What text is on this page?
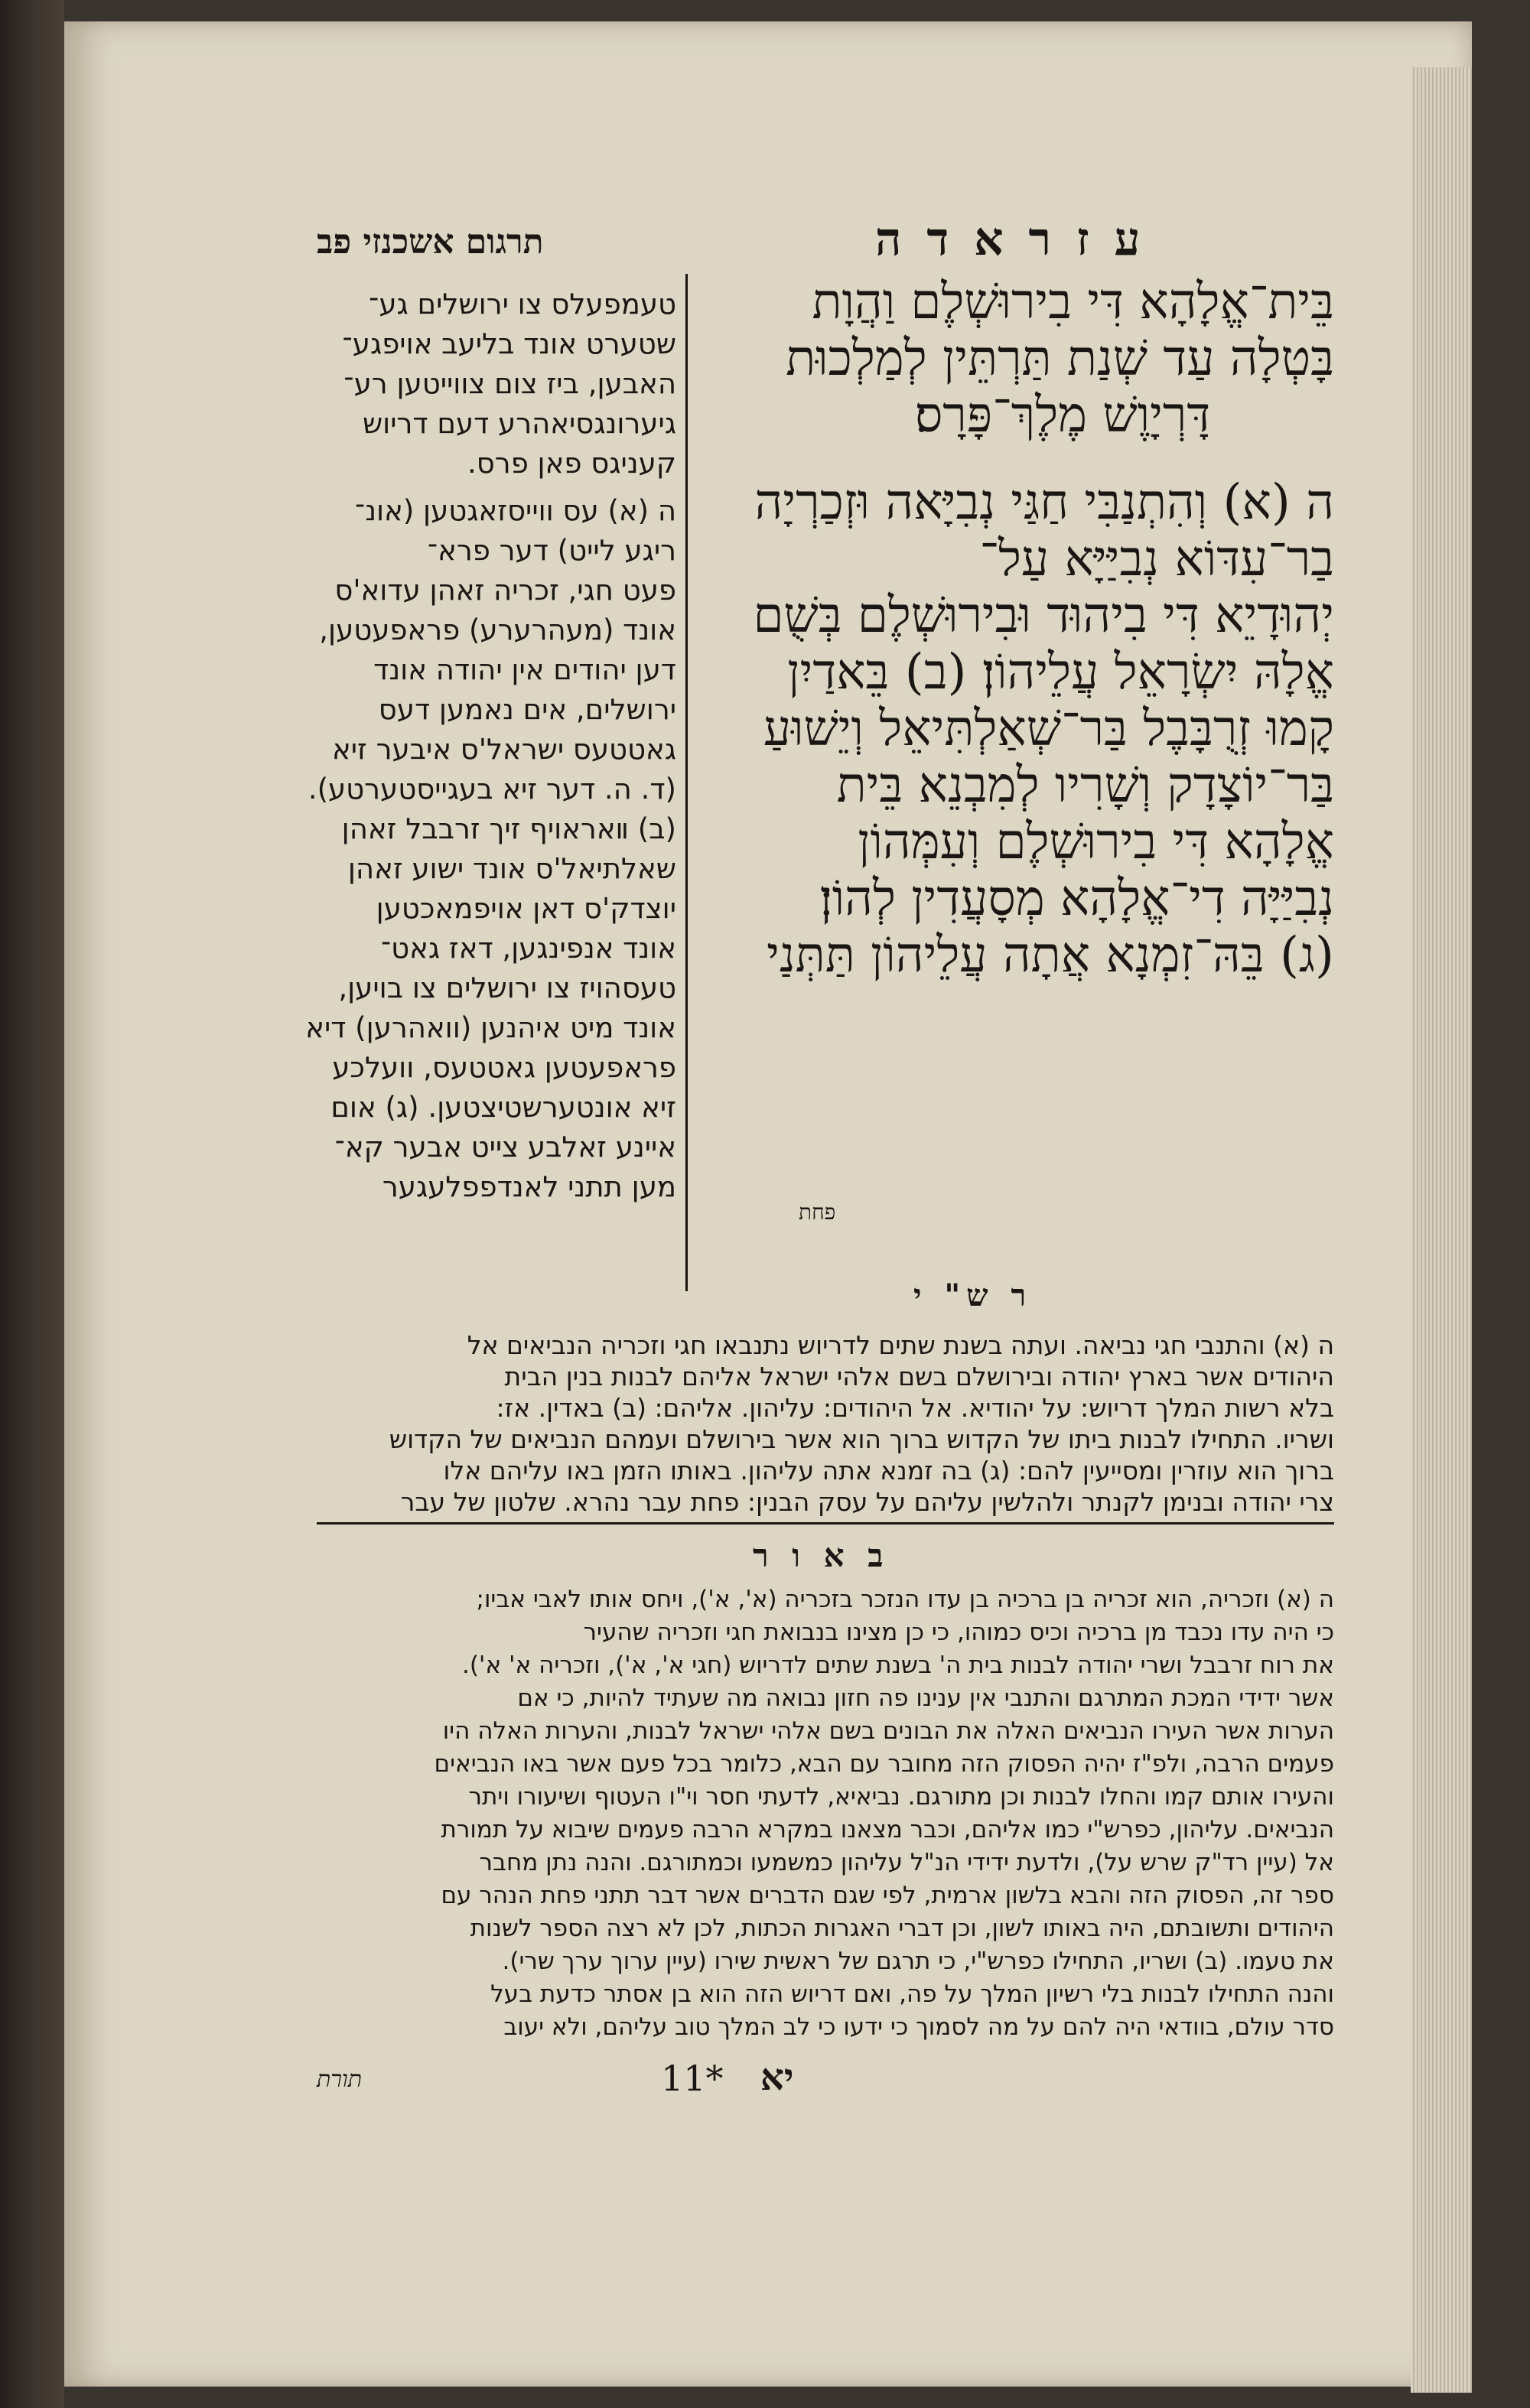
תרגום אשכנזי פב	ע ז ר א ד ה
בֵּית־אֱלָהָא דִּי בִירוּשְׁלֶם וַהֲוָת
בָּטְלָה עַד שְׁנַת תַּרְתֵּין לְמַלְכוּת
דָּרְיָוֶשׁ מֶלֶךְ־פָּרָס׃
ה (א) וְהִתְנַבִּי חַגַּי נְבִיָּאה וּזְכַרְיָה
בַר־עִדּוֹא נְבִיַּיָּא עַל־
יְהוּדָיֵא דִּי בִיהוּד וּבִירוּשְׁלֶם בְּשֻׁם
אֱלָהּ יִשְׂרָאֵל עֲלֵיהוֹן׃ (ב) בֵּאדַיִן
קָמוּ זְרֻבָּבֶל בַּר־שְׁאַלְתִּיאֵל וְיֵשׁוּעַ
בַּר־יוֹצָדָק וְשָׁרִיו לְמִבְנֵא בֵּית
אֱלָהָא דִּי בִירוּשְׁלֶם וְעִמְּהוֹן
נְבִיַּיָּה דִי־אֱלָהָא מְסָעֲדִין לְהוֹן׃
(ג) בֵּהּ־זִמְנָא אֲתָה עֲלֵיהוֹן תַּתְּנַי
פחת
טעמפעלס צו ירושלים גע־
שטערט אונד בליעב אויפגע־
האבען, ביז צום צווייטען רע־
גיערונגסיאהרע דעם דריוש
קעניגס פאן פרס.
ה (א) עס ווייסזאגטען (אונ־
ריגע לייט) דער פרא־
פעט חגי, זכריה זאהן עדוא'ס
אונד (מעהרערע) פראפעטען,
דען יהודים אין יהודה אונד
ירושלים, אים נאמען דעס
גאטטעס ישראל'ס איבער זיא
(ד. ה. דער זיא בעגייסטערטע).
(ב) װאראויף זיך זרבבל זאהן
שאלתיאל'ס אונד ישוע זאהן
יוצדק'ס דאן אויפמאכטען
אונד אנפינגען, דאז גאט־
טעסהויז צו ירושלים צו בויען,
אונד מיט איהנען (וואהרען) דיא
פראפעטען גאטטעס, וועלכע
זיא אונטערשטיצטען. (ג) אום
איינע זאלבע צייט אבער קא־
מען תתני לאנדפפלעגער
ר ש" י
ה (א) והתנבי חגי נביאה. ועתה בשנת שתים לדריוש נתנבאו חגי וזכריה הנביאים אל
היהודים אשר בארץ יהודה ובירושלם בשם אלהי ישראל אליהם לבנות בנין הבית
בלא רשות המלך דריוש: על יהודיא. אל היהודים: עליהון. אליהם: (ב) באדין. אז:
ושריו. התחילו לבנות ביתו של הקדוש ברוך הוא אשר בירושלם ועמהם הנביאים של הקדוש
ברוך הוא עוזרין ומסייעין להם: (ג) בה זמנא אתה עליהון. באותו הזמן באו עליהם אלו
צרי יהודה ובנימן לקנתר ולהלשין עליהם על עסק הבנין: פחת עבר נהרא. שלטון של עבר
ב א ו ר
ה (א) וזכריה, הוא זכריה בן ברכיה בן עדו הנזכר בזכריה (א', א'), ויחס אותו לאבי אביו;
כי היה עדו נכבד מן ברכיה וכיס כמוהו, כי כן מצינו בנבואת חגי וזכריה שהעיר
את רוח זרבבל ושרי יהודה לבנות בית ה' בשנת שתים לדריוש (חגי א', א'), וזכריה א' א').
אשר ידידי המכת המתרגם והתנבי אין ענינו פה חזון נבואה מה שעתיד להיות, כי אם
הערות אשר העירו הנביאים האלה את הבונים בשם אלהי ישראל לבנות, והערות האלה היו
פעמים הרבה, ולפ"ז יהיה הפסוק הזה מחובר עם הבא, כלומר בכל פעם אשר באו הנביאים
והעירו אותם קמו והחלו לבנות וכן מתורגם. נביאיא, לדעתי חסר וי"ו העטוף ושיעורו ויתר
הנביאים. עליהון, כפרש"י כמו אליהם, וכבר מצאנו במקרא הרבה פעמים שיבוא על תמורת
אל (עיין רד"ק שרש על), ולדעת ידידי הנ"ל עליהון כמשמעו וכמתורגם. והנה נתן מחבר
ספר זה, הפסוק הזה והבא בלשון ארמית, לפי שגם הדברים אשר דבר תתני פחת הנהר עם
היהודים ותשובתם, היה באותו לשון, וכן דברי האגרות הכתות, לכן לא רצה הספר לשנות
את טעמו. (ב) ושריו, התחילו כפרש"י, כי תרגם של ראשית שירו (עיין ערוך ערך שרי).
והנה התחילו לבנות בלי רשיון המלך על פה, ואם דריוש הזה הוא בן אסתר כדעת בעל
סדר עולם, בוודאי היה להם על מה לסמוך כי ידעו כי לב המלך טוב עליהם, ולא יעוב
תורת	11* יא
